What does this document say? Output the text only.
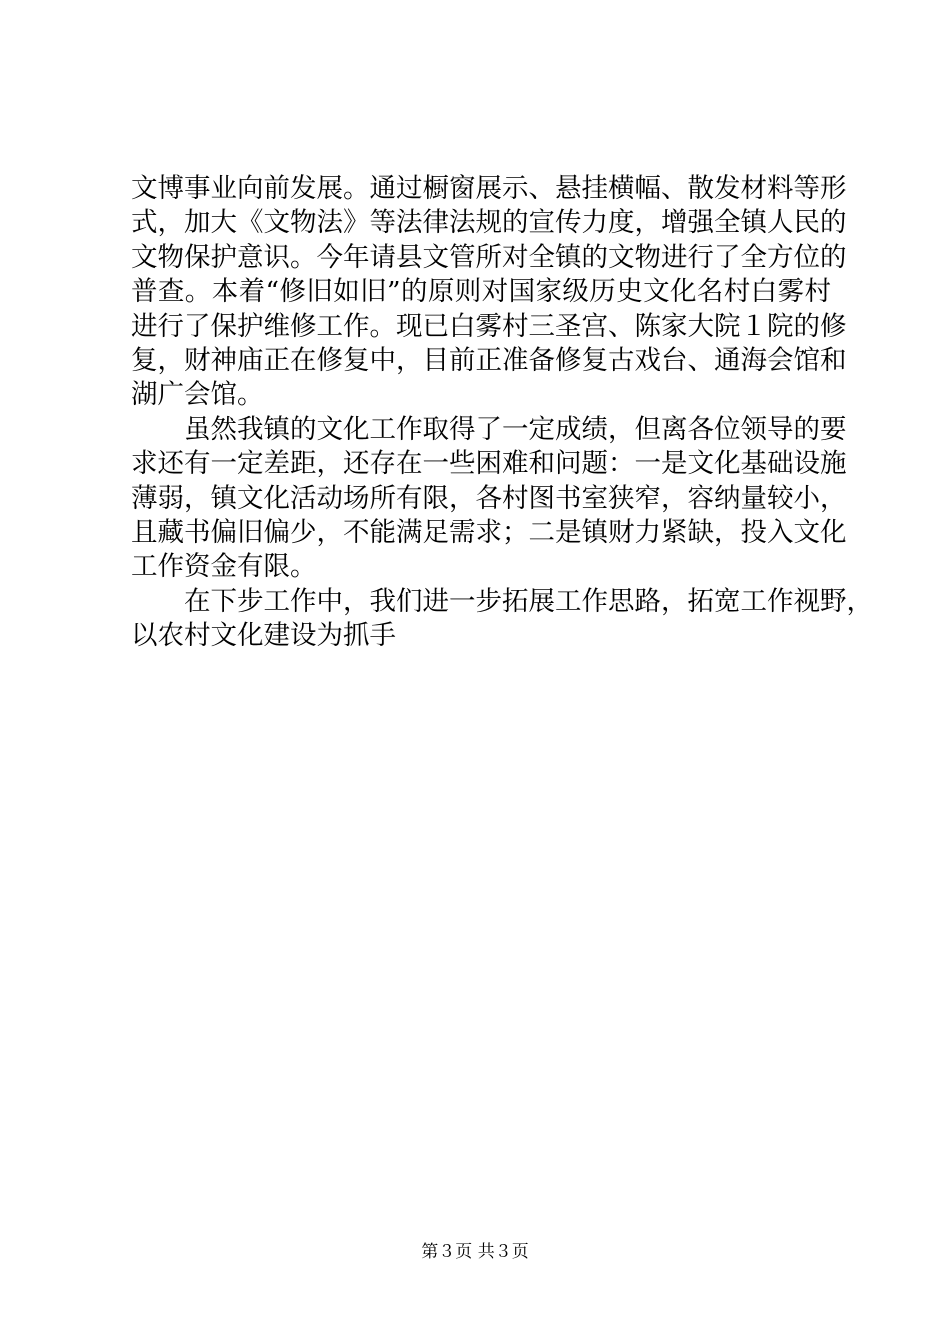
文博事业向前发展。通过橱窗展示、悬挂横幅、散发材料等形
式，加大《文物法》等法律法规的宣传力度，增强全镇人民的
文物保护意识。今年请县文管所对全镇的文物进行了全方位的
普查。本着“修旧如旧”的原则对国家级历史文化名村白雾村
进行了保护维修工作。现已白雾村三圣宫、陈家大院１院的修
复，财神庙正在修复中，目前正准备修复古戏台、通海会馆和
湖广会馆。
　　虽然我镇的文化工作取得了一定成绩，但离各位领导的要
求还有一定差距，还存在一些困难和问题：一是文化基础设施
薄弱，镇文化活动场所有限，各村图书室狭窄，容纳量较小，
且藏书偏旧偏少，不能满足需求；二是镇财力紧缺，投入文化
工作资金有限。
　　在下步工作中，我们进一步拓展工作思路，拓宽工作视野，
以农村文化建设为抓手
第３页 共３页
